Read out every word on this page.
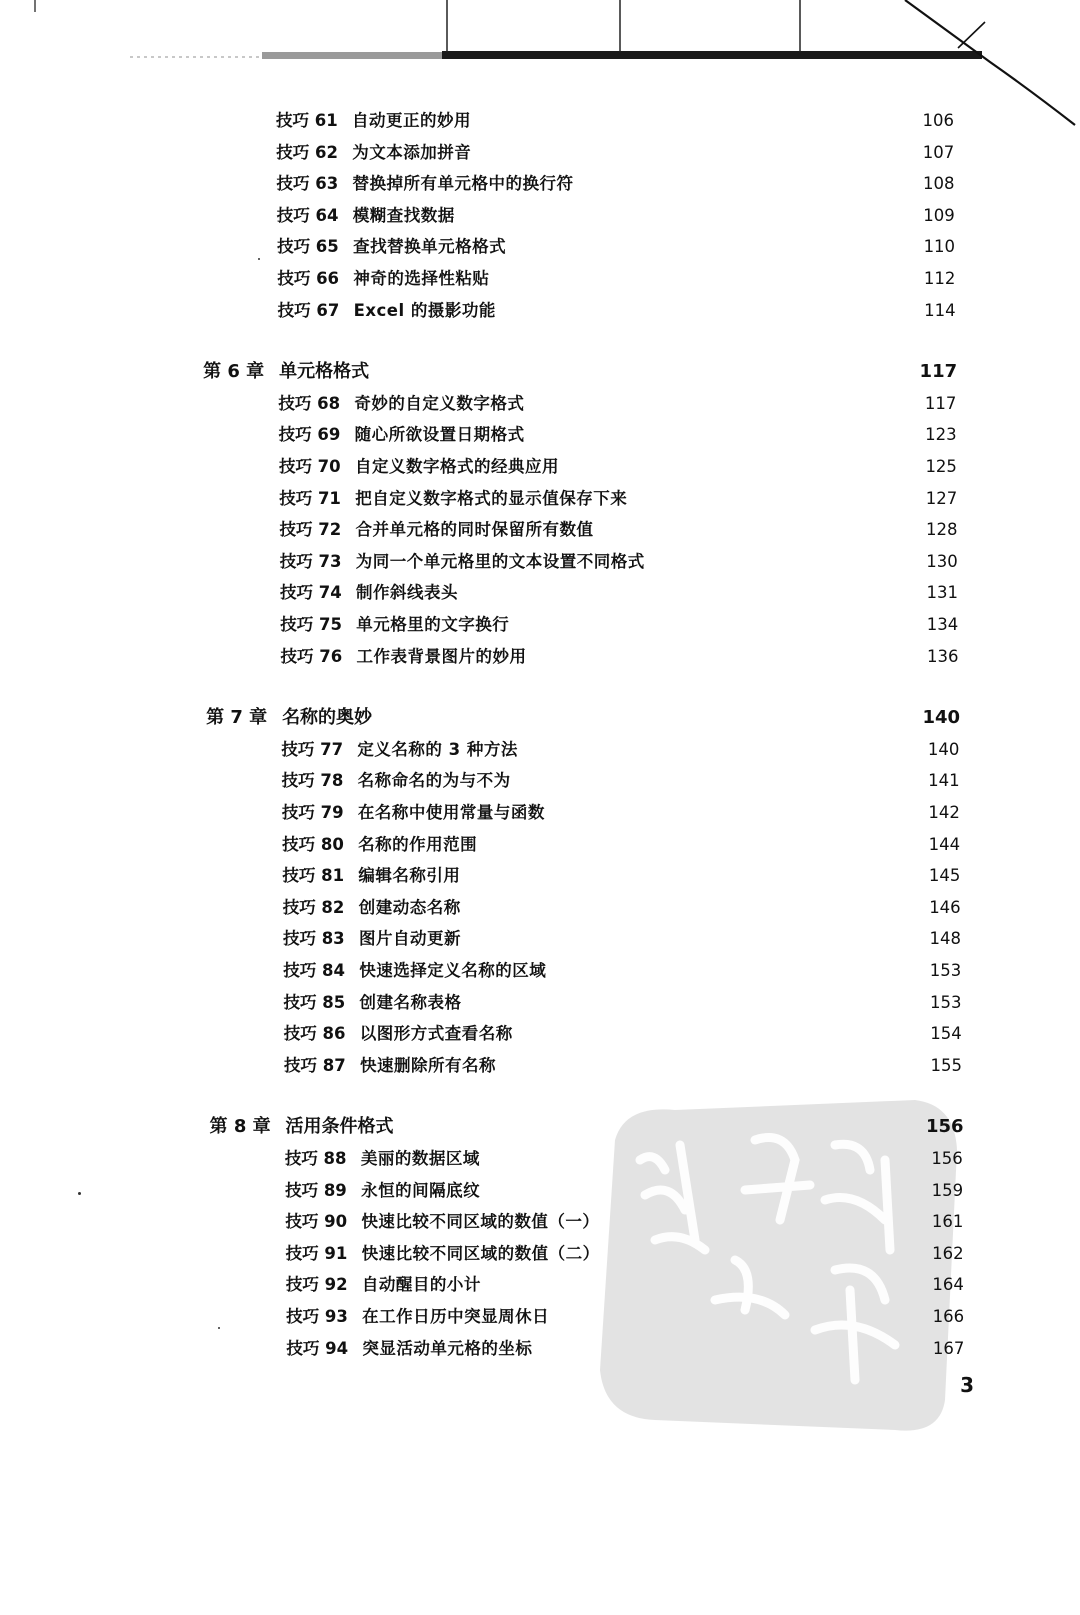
技巧 61 自动更正的妙用	106
技巧 62 为文本添加拼音	107
技巧 63 替换掉所有单元格中的换行符	108
技巧 64 模糊查找数据	109
技巧 65 查找替换单元格格式	110
技巧 66 神奇的选择性粘贴	112
技巧 67 Excel 的摄影功能	114
第 6 章 单元格格式	117
技巧 68 奇妙的自定义数字格式	117
技巧 69 随心所欲设置日期格式	123
技巧 70 自定义数字格式的经典应用	125
技巧 71 把自定义数字格式的显示值保存下来	127
技巧 72 合并单元格的同时保留所有数值	128
技巧 73 为同一个单元格里的文本设置不同格式	130
技巧 74 制作斜线表头	131
技巧 75 单元格里的文字换行	134
技巧 76 工作表背景图片的妙用	136
第 7 章 名称的奥妙	140
技巧 77 定义名称的 3 种方法	140
技巧 78 名称命名的为与不为	141
技巧 79 在名称中使用常量与函数	142
技巧 80 名称的作用范围	144
技巧 81 编辑名称引用	145
技巧 82 创建动态名称	146
技巧 83 图片自动更新	148
技巧 84 快速选择定义名称的区域	153
技巧 85 创建名称表格	153
技巧 86 以图形方式查看名称	154
技巧 87 快速删除所有名称	155
第 8 章 活用条件格式	156
技巧 88 美丽的数据区域	156
技巧 89 永恒的间隔底纹	159
技巧 90 快速比较不同区域的数值（一）	161
技巧 91 快速比较不同区域的数值（二）	162
技巧 92 自动醒目的小计	164
技巧 93 在工作日历中突显周休日	166
技巧 94 突显活动单元格的坐标	167
3
